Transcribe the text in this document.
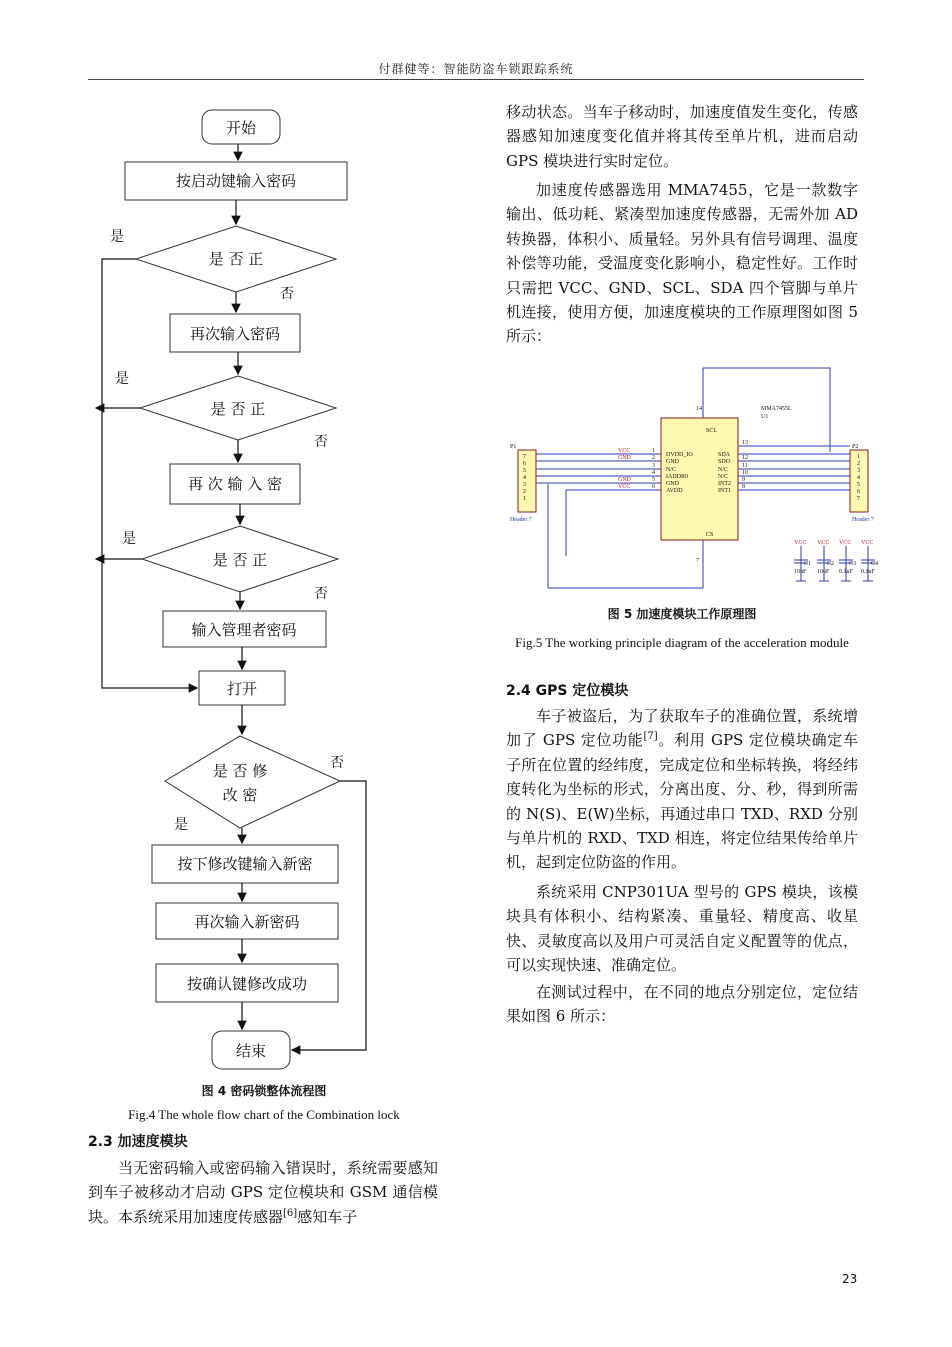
付群健等：智能防盗车锁跟踪系统
开始
按启动键输入密码
是 否 正
再次输入密码
是 否 正
再 次 输 入 密
是 否 正
输入管理者密码
打开
是 否 修
改 密
按下修改键输入新密
再次输入新密码
按确认键修改成功
结束
是
否
是
否
是
否
否
是
图 4 密码锁整体流程图
Fig.4 The whole flow chart of the Combination lock
2.3 加速度模块

当无密码输入或密码输入错误时，系统需要感知到车子被移动才启动 GPS 定位模块和 GSM 通信模块。本系统采用加速度传感器[6]感知车子

移动状态。当车子移动时，加速度值发生变化，传感器感知加速度变化值并将其传至单片机，进而启动 GPS 模块进行实时定位。

加速度传感器选用 MMA7455，它是一款数字输出、低功耗、紧凑型加速度传感器，无需外加 AD 转换器，体积小、质量轻。另外具有信号调理、温度补偿等功能，受温度变化影响小，稳定性好。工作时只需把 VCC、GND、SCL、SDA 四个管脚与单片机连接，使用方便，加速度模块的工作原理图如图 5 所示：

MMA7455L
U1
SCL
14
CS
7
DVDD_IO
GND
N/C
IADDR0
GND
AVDD
1
2
3
4
5
6
SDA
SDO
N/C
N/C
INT2
INT1
13
12
11
10
9
8
VCC
GND
GND
VCC
7
6
5
4
3
2
1
1
2
3
4
5
6
7
P1
Header 7
P2
Header 7
VCC VCC VCC VCC
C1	C2 C3 C4
10uF 10uF 0.1uF 0.1uF
图 5 加速度模块工作原理图
Fig.5 The working principle diagram of the acceleration module
2.4 GPS 定位模块

车子被盗后，为了获取车子的准确位置，系统增加了 GPS 定位功能[7]。利用 GPS 定位模块确定车子所在位置的经纬度，完成定位和坐标转换，将经纬度转化为坐标的形式，分离出度、分、秒，得到所需的 N(S)、E(W)坐标，再通过串口 TXD、RXD 分别与单片机的 RXD、TXD 相连，将定位结果传给单片机，起到定位防盗的作用。

系统采用 CNP301UA 型号的 GPS 模块，该模块具有体积小、结构紧凑、重量轻、精度高、收星快、灵敏度高以及用户可灵活自定义配置等的优点，可以实现快速、准确定位。

在测试过程中，在不同的地点分别定位，定位结果如图 6 所示：

23
